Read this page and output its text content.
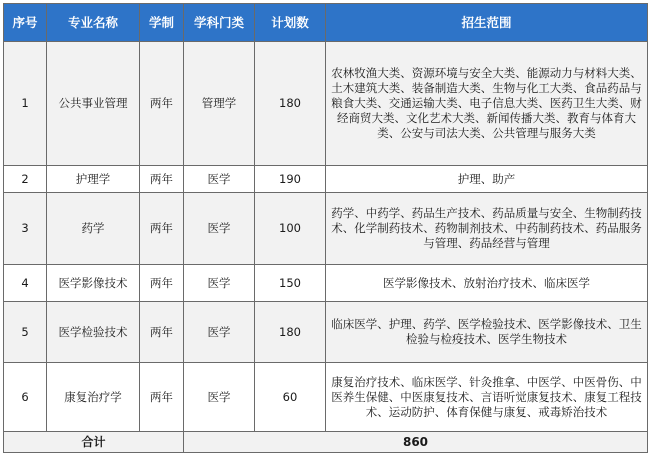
序号	专业名称	学制	学科门类	计划数	招生范围
1	公共事业管理	两年	管理学	180	农林牧渔大类、资源环境与安全大类、能源动力与材料大类、土木建筑大类、装备制造大类、生物与化工大类、食品药品与粮食大类、交通运输大类、电子信息大类、医药卫生大类、财经商贸大类、文化艺术大类、新闻传播大类、教育与体育大类、公安与司法大类、公共管理与服务大类
2	护理学	两年	医学	190	护理、助产
3	药学	两年	医学	100	药学、中药学、药品生产技术、药品质量与安全、生物制药技术、化学制药技术、药物制剂技术、中药制药技术、药品服务与管理、药品经营与管理
4	医学影像技术	两年	医学	150	医学影像技术、放射治疗技术、临床医学
5	医学检验技术	两年	医学	180	临床医学、护理、药学、医学检验技术、医学影像技术、卫生检验与检疫技术、医学生物技术
6	康复治疗学	两年	医学	60	康复治疗技术、临床医学、针灸推拿、中医学、中医骨伤、中医养生保健、中医康复技术、言语听觉康复技术、康复工程技术、运动防护、体育保健与康复、戒毒矫治技术
合计			860		
